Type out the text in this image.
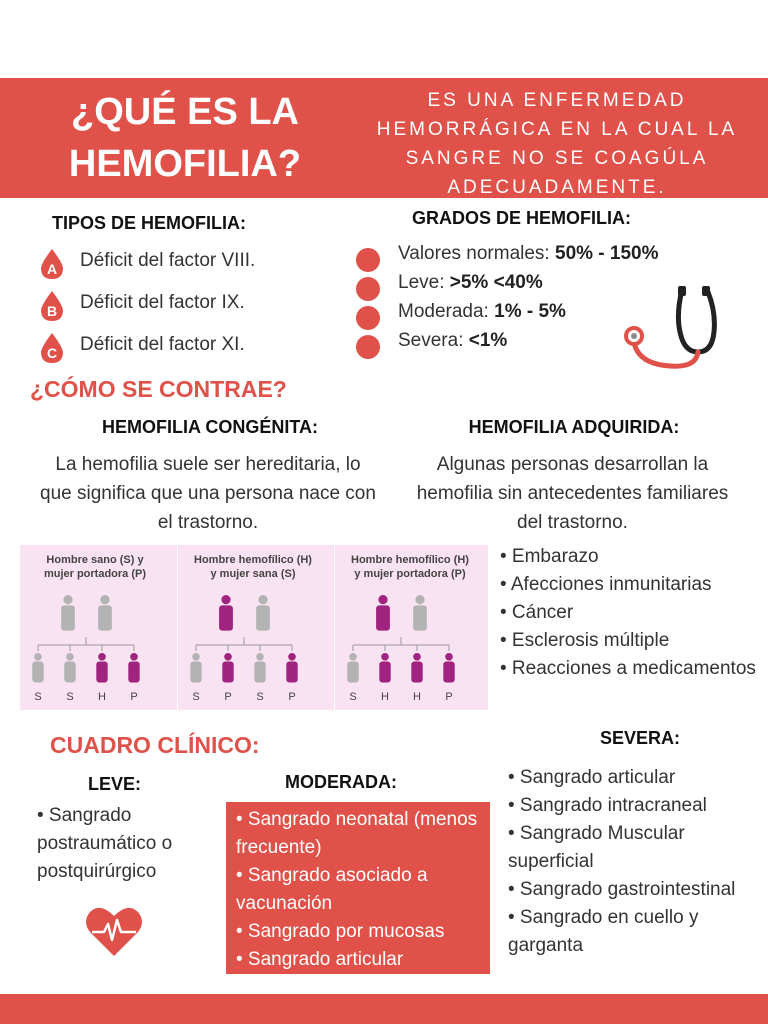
¿QUÉ ES LA
HEMOFILIA?
ES UNA ENFERMEDAD HEMORRÁGICA EN LA CUAL LA SANGRE NO SE COAGÚLA ADECUADAMENTE.
TIPOS DE HEMOFILIA:	GRADOS DE HEMOFILIA:
¿CÓMO SE CONTRAE?
HEMOFILIA CONGÉNITA:
La hemofilia suele ser hereditaria, lo que significa que una persona nace con el trastorno.
HEMOFILIA ADQUIRIDA:
Algunas personas desarrollan la hemofilia sin antecedentes familiares del trastorno.
Hombre sano (S) y
mujer portadora (P)
S S H P
Hombre hemofílico (H)
y mujer sana (S)
S P S P
Hombre hemofílico (H)
y mujer portadora (P)
S H H P
• Embarazo
• Afecciones inmunitarias
• Cáncer
• Esclerosis múltiple
• Reacciones a medicamentos
CUADRO CLÍNICO:
LEVE:
• Sangrado postraumático o postquirúrgico
MODERADA:
• Sangrado neonatal (menos frecuente)
• Sangrado asociado a vacunación
• Sangrado por mucosas
• Sangrado articular
SEVERA:
• Sangrado articular
• Sangrado intracraneal
• Sangrado Muscular superficial
• Sangrado gastrointestinal
• Sangrado en cuello y garganta
A Déficit del factor VIII.
B Déficit del factor IX.
C Déficit del factor XI.
Valores normales: 50% - 150%
Leve: >5% <40%
Moderada: 1% - 5%
Severa: <1%
